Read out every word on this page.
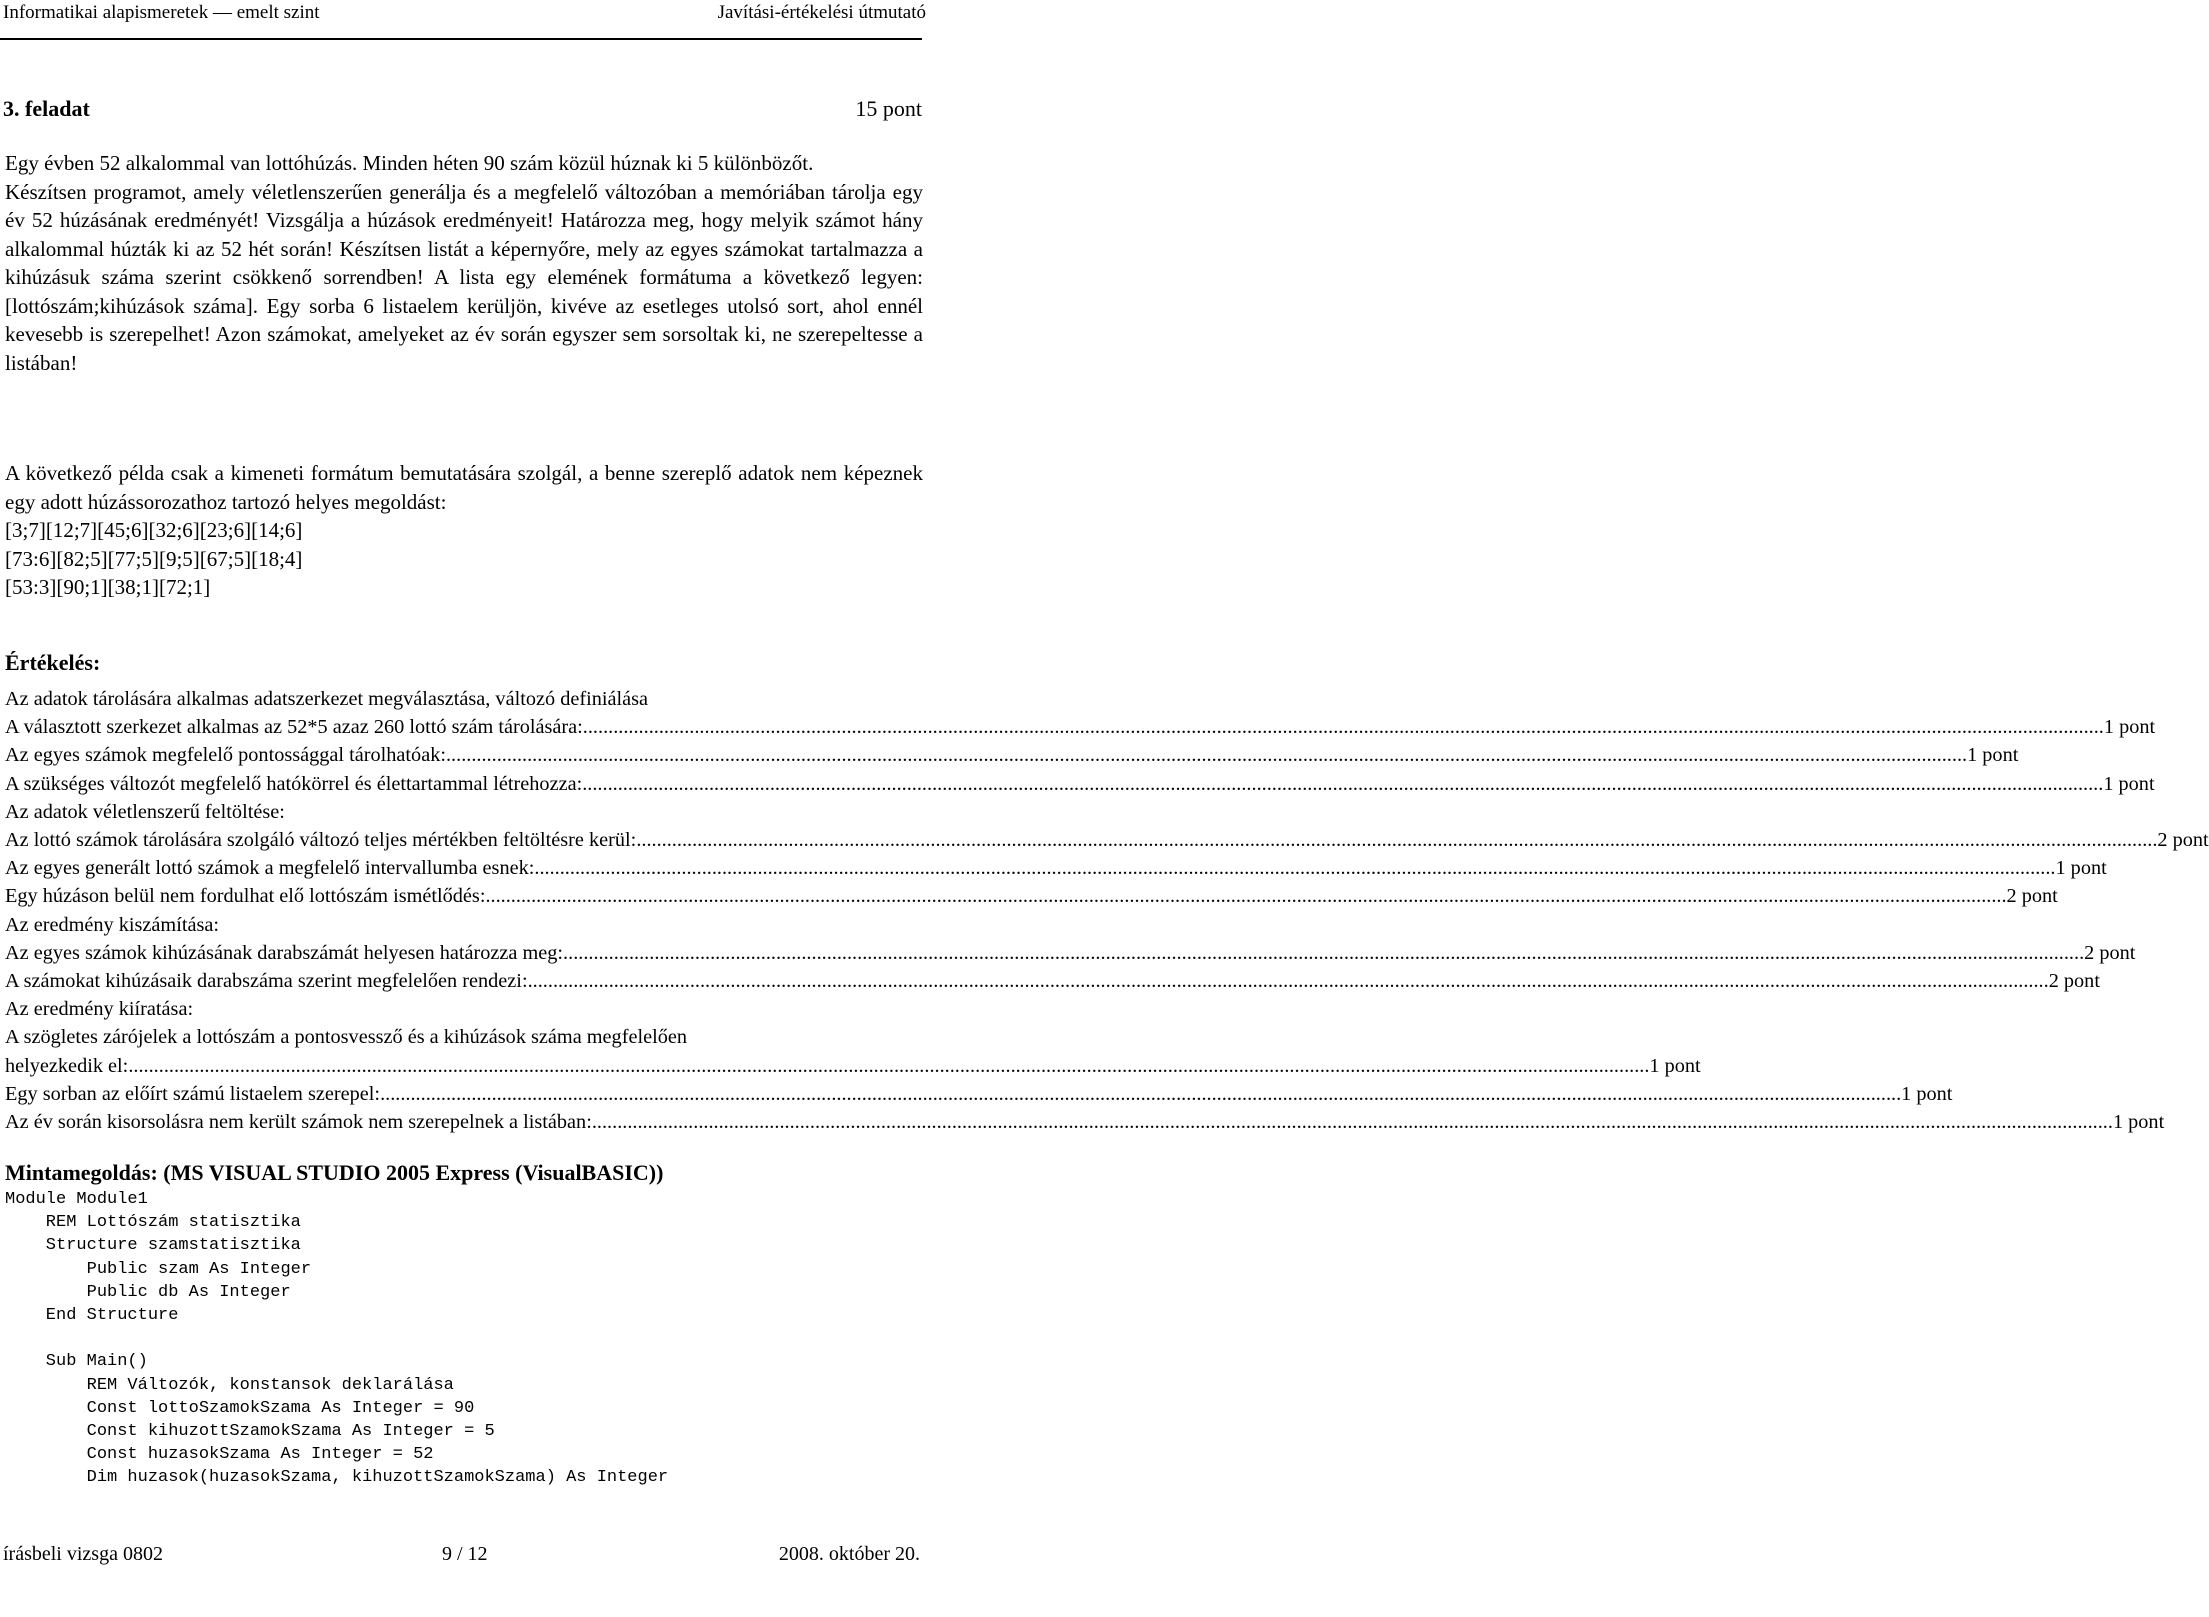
Informatikai alapismeretek — emelt szint	Javítási-értékelési útmutató
3. feladat	15 pont

Egy évben 52 alkalommal van lottóhúzás. Minden héten 90 szám közül húznak ki 5 különbözőt.

Készítsen programot, amely véletlenszerűen generálja és a megfelelő változóban a memóriában tárolja egy év 52 húzásának eredményét! Vizsgálja a húzások eredményeit! Határozza meg, hogy melyik számot hány alkalommal húzták ki az 52 hét során! Készítsen listát a képernyőre, mely az egyes számokat tartalmazza a kihúzásuk száma szerint csökkenő sorrendben! A lista egy elemének formátuma a következő legyen: [lottószám;kihúzások száma]. Egy sorba 6 listaelem kerüljön, kivéve az esetleges utolsó sort, ahol ennél kevesebb is szerepelhet! Azon számokat, amelyeket az év során egyszer sem sorsoltak ki, ne szerepeltesse a listában!

A következő példa csak a kimeneti formátum bemutatására szolgál, a benne szereplő adatok nem képeznek egy adott húzássorozathoz tartozó helyes megoldást:

[3;7][12;7][45;6][32;6][23;6][14;6]
[73:6][82;5][77;5][9;5][67;5][18;4]
[53:3][90;1][38;1][72;1]
Értékelés:
Az adatok tárolására alkalmas adatszerkezet megválasztása, változó definiálása
A választott szerkezet alkalmas az 52*5 azaz 260 lottó szám tárolására: ............................................................................................................................................................................................................................................................................................................ 1 pont
Az egyes számok megfelelő pontossággal tárolhatóak: ............................................................................................................................................................................................................................................................................................................ 1 pont
A szükséges változót megfelelő hatókörrel és élettartammal létrehozza: ............................................................................................................................................................................................................................................................................................................ 1 pont
Az adatok véletlenszerű feltöltése:
Az lottó számok tárolására szolgáló változó teljes mértékben feltöltésre kerül: ............................................................................................................................................................................................................................................................................................................ 2 pont
Az egyes generált lottó számok a megfelelő intervallumba esnek: ............................................................................................................................................................................................................................................................................................................ 1 pont
Egy húzáson belül nem fordulhat elő lottószám ismétlődés: ............................................................................................................................................................................................................................................................................................................ 2 pont
Az eredmény kiszámítása:
Az egyes számok kihúzásának darabszámát helyesen határozza meg: ............................................................................................................................................................................................................................................................................................................ 2 pont
A számokat kihúzásaik darabszáma szerint megfelelően rendezi: ............................................................................................................................................................................................................................................................................................................ 2 pont
Az eredmény kiíratása:
A szögletes zárójelek a lottószám a pontosvessző és a kihúzások száma megfelelően
helyezkedik el: ............................................................................................................................................................................................................................................................................................................ 1 pont
Egy sorban az előírt számú listaelem szerepel: ............................................................................................................................................................................................................................................................................................................ 1 pont
Az év során kisorsolásra nem került számok nem szerepelnek a listában: ............................................................................................................................................................................................................................................................................................................ 1 pont
Mintamegoldás: (MS VISUAL STUDIO 2005 Express (VisualBASIC))
Module Module1
REM Lottószám statisztika
Structure szamstatisztika
Public szam As Integer
Public db As Integer
End Structure

Sub Main()
REM Változók, konstansok deklarálása
Const lottoSzamokSzama As Integer = 90
Const kihuzottSzamokSzama As Integer = 5
Const huzasokSzama As Integer = 52
Dim huzasok(huzasokSzama, kihuzottSzamokSzama) As Integer
írásbeli vizsga 0802	9 / 12	2008. október 20.
